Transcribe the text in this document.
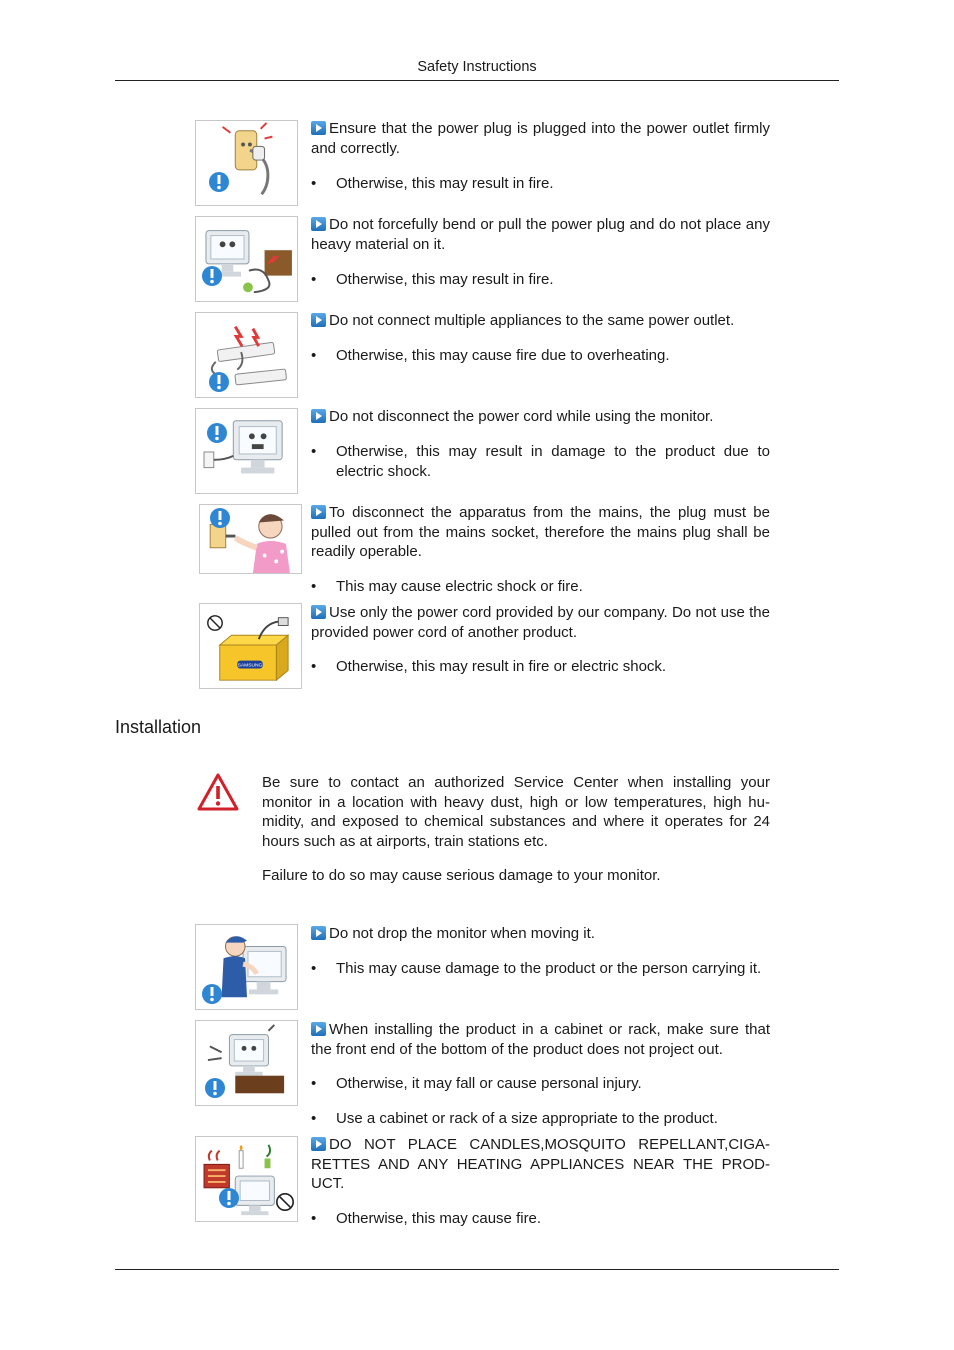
Safety Instructions
Ensure that the power plug is plugged into the power outlet firmly and correctly.
• Otherwise, this may result in fire.
Do not forcefully bend or pull the power plug and do not place any heavy material on it.
• Otherwise, this may result in fire.
Do not connect multiple appliances to the same power outlet.
• Otherwise, this may cause fire due to overheating.
Do not disconnect the power cord while using the monitor.
• Otherwise, this may result in damage to the product due to electric shock.
To disconnect the apparatus from the mains, the plug must be pulled out from the mains socket, therefore the mains plug shall be readily operable.
• This may cause electric shock or fire.
SAMSUNG
Use only the power cord provided by our company. Do not use the provided power cord of another product.
• Otherwise, this may result in fire or electric shock.
Installation
Be sure to contact an authorized Service Center when installing your monitor in a location with heavy dust, high or low temperatures, high hu-midity, and exposed to chemical substances and where it operates for 24 hours such as at airports, train stations etc.
Failure to do so may cause serious damage to your monitor.
Do not drop the monitor when moving it.
• This may cause damage to the product or the person carrying it.
When installing the product in a cabinet or rack, make sure that the front end of the bottom of the product does not project out.
• Otherwise, it may fall or cause personal injury.
• Use a cabinet or rack of a size appropriate to the product.
DO NOT PLACE CANDLES,MOSQUITO REPELLANT,CIGA-RETTES AND ANY HEATING APPLIANCES NEAR THE PROD-UCT.
• Otherwise, this may cause fire.
